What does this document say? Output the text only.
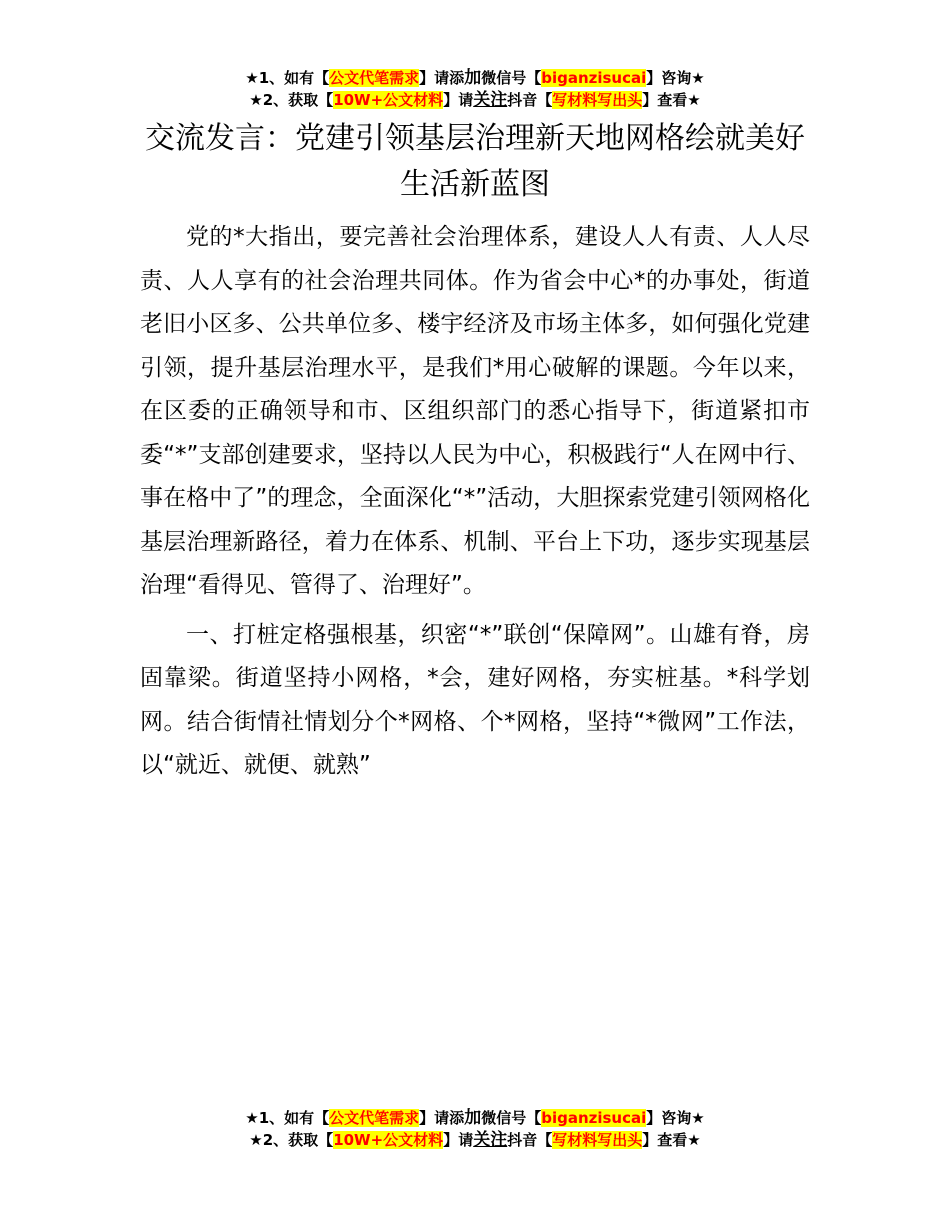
★1、如有【公文代笔需求】请添加微信号【biganzisucai】咨询★
★2、获取【10W+公文材料】请关注抖音【写材料写出头】查看★
交流发言：党建引领基层治理新天地网格绘就美好生活新蓝图

党的*大指出，要完善社会治理体系，建设人人有责、人人尽责、人人享有的社会治理共同体。作为省会中心*的办事处，街道老旧小区多、公共单位多、楼宇经济及市场主体多，如何强化党建引领，提升基层治理水平，是我们*用心破解的课题。今年以来，在区委的正确领导和市、区组织部门的悉心指导下，街道紧扣市委“*”支部创建要求，坚持以人民为中心，积极践行“人在网中行、事在格中了”的理念，全面深化“*”活动，大胆探索党建引领网格化基层治理新路径，着力在体系、机制、平台上下功，逐步实现基层治理“看得见、管得了、治理好”。

一、打桩定格强根基，织密“*”联创“保障网”。山雄有脊，房固靠梁。街道坚持小网格，*会，建好网格，夯实桩基。*科学划网。结合街情社情划分个*网格、个*网格，坚持“*微网”工作法，以“就近、就便、就熟”

★1、如有【公文代笔需求】请添加微信号【biganzisucai】咨询★
★2、获取【10W+公文材料】请关注抖音【写材料写出头】查看★
